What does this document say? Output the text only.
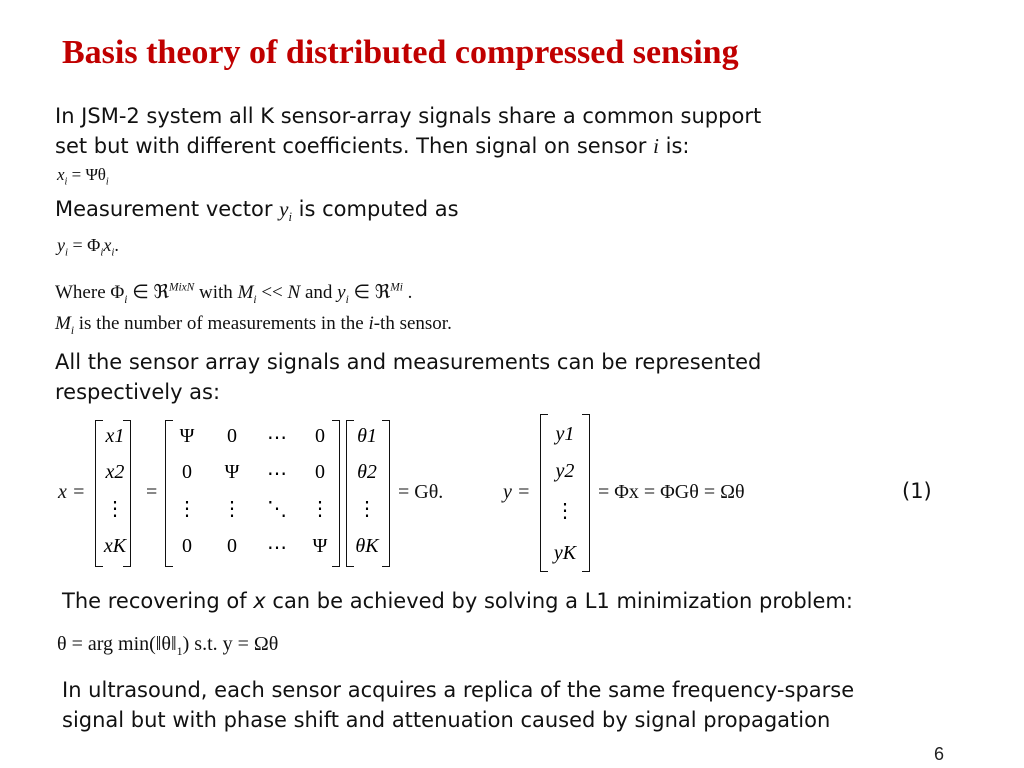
Basis theory of distributed compressed sensing
In JSM-2 system all K sensor-array signals share a common support
set but with different coefficients. Then signal on sensor i is:
$x_i = \Psi\theta_i$
Measurement vector $y_i$ is computed as
$y_i = \Phi_ix_i$.
Where $\Phi_i$ ∈ ℜ$^{MixN}$ with $M_i << N$ and $y_i$ ∈ ℜ$^{Mi}$ .
$M_i$ is the number of measurements in the i-th sensor.
All the sensor array signals and measurements can be represented
respectively as:
x =
x1
x2
⋮
xK
=
Ψ	0	⋯	0
0	Ψ	⋯	0
⋮ ⋮ ⋱ ⋮
0	0	⋯	Ψ
θ1
θ2
⋮
θK
= Gθ.	y =
y1
y2
⋮
yK
= Φx = ΦGθ = Ωθ	(1)
The recovering of x can be achieved by solving a L1 minimization problem:
θ = arg $\min(‖\theta‖_1)$ s.t. y = Ωθ
In ultrasound, each sensor acquires a replica of the same frequency-sparse
signal but with phase shift and attenuation caused by signal propagation
6
